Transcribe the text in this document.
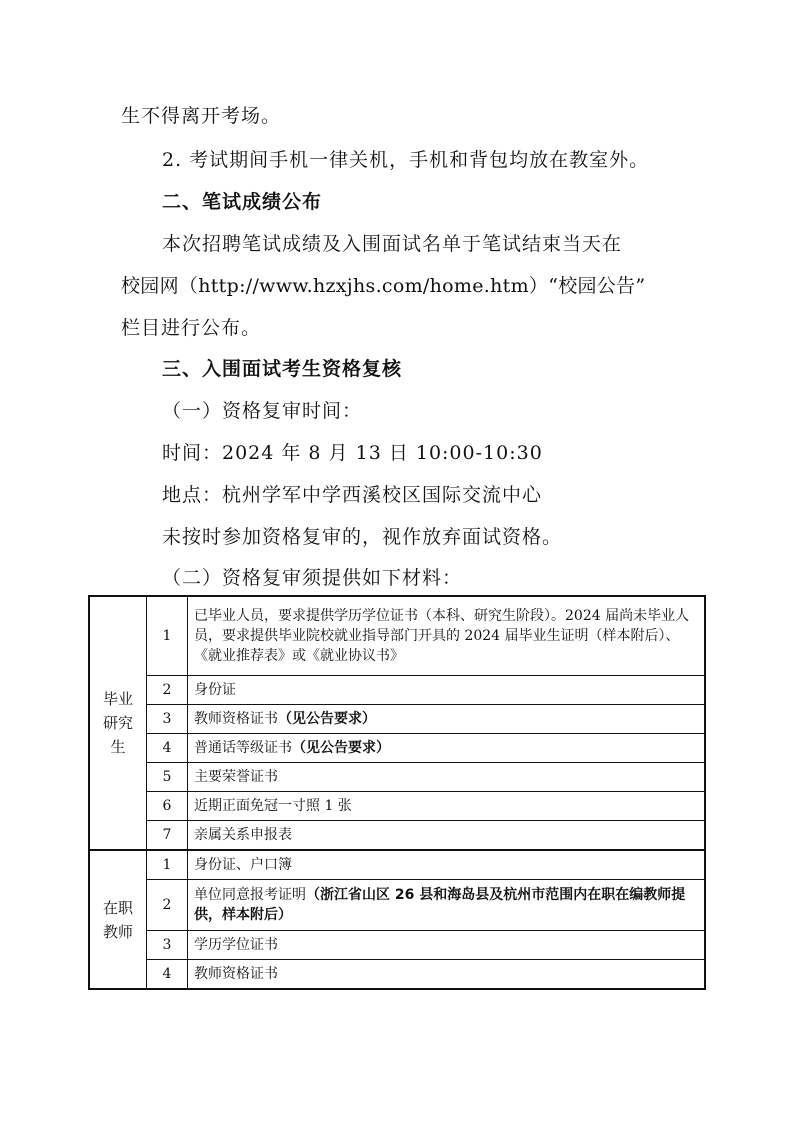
生不得离开考场。
2. 考试期间手机一律关机，手机和背包均放在教室外。
二、笔试成绩公布
本次招聘笔试成绩及入围面试名单于笔试结束当天在
校园网（http://www.hzxjhs.com/home.htm）“校园公告”
栏目进行公布。
三、入围面试考生资格复核
（一）资格复审时间：
时间：2024 年 8 月 13 日 10:00-10:30
地点：杭州学军中学西溪校区国际交流中心
未按时参加资格复审的，视作放弃面试资格。
（二）资格复审须提供如下材料：
毕业
研究
生	1	已毕业人员，要求提供学历学位证书（本科、研究生阶段）。2024 届尚未毕业人员，要求提供毕业院校就业指导部门开具的 2024 届毕业生证明（样本附后）、《就业推荐表》或《就业协议书》
	2	身份证
	3	教师资格证书（见公告要求）
	4	普通话等级证书（见公告要求）
	5	主要荣誉证书
	6	近期正面免冠一寸照 1 张
	7	亲属关系申报表

在职
教师	1	身份证、户口簿
	2	单位同意报考证明（浙江省山区 26 县和海岛县及杭州市范围内在职在编教师提供，样本附后）
	3	学历学位证书
	4	教师资格证书
